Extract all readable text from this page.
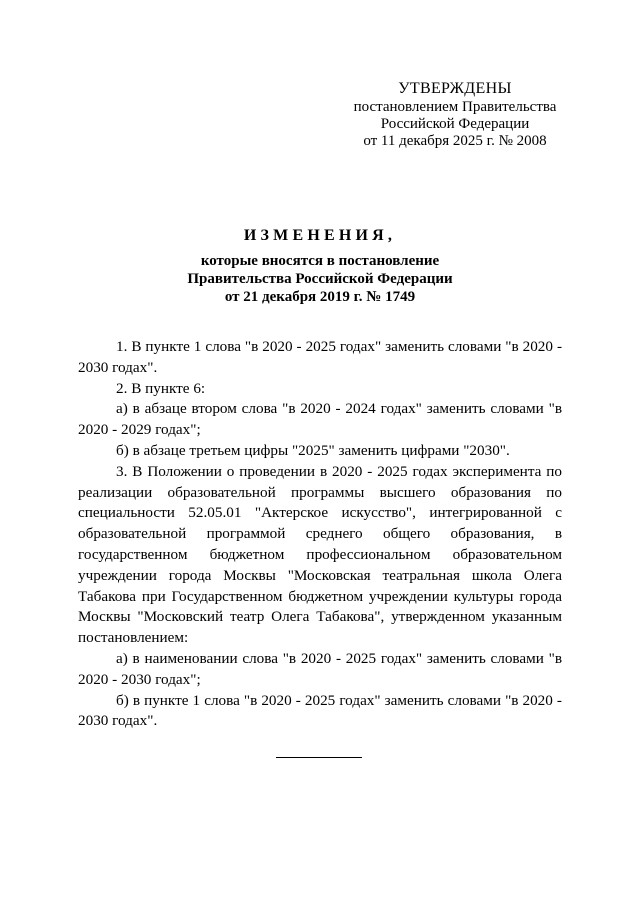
УТВЕРЖДЕНЫ
постановлением Правительства
Российской Федерации
от 11 декабря 2025 г. № 2008
ИЗМЕНЕНИЯ,
которые вносятся в постановление
Правительства Российской Федерации
от 21 декабря 2019 г. № 1749

1. В пункте 1 слова "в 2020 - 2025 годах" заменить словами "в 2020 - 2030 годах".

2. В пункте 6:

а) в абзаце втором слова "в 2020 - 2024 годах" заменить словами "в 2020 - 2029 годах";

б) в абзаце третьем цифры "2025" заменить цифрами "2030".

3. В Положении о проведении в 2020 - 2025 годах эксперимента по реализации образовательной программы высшего образования по специальности 52.05.01 "Актерское искусство", интегрированной с образовательной программой среднего общего образования, в государственном бюджетном профессиональном образовательном учреждении города Москвы "Московская театральная школа Олега Табакова при Государственном бюджетном учреждении культуры города Москвы "Московский театр Олега Табакова", утвержденном указанным постановлением:

а) в наименовании слова "в 2020 - 2025 годах" заменить словами "в 2020 - 2030 годах";

б) в пункте 1 слова "в 2020 - 2025 годах" заменить словами "в 2020 - 2030 годах".
